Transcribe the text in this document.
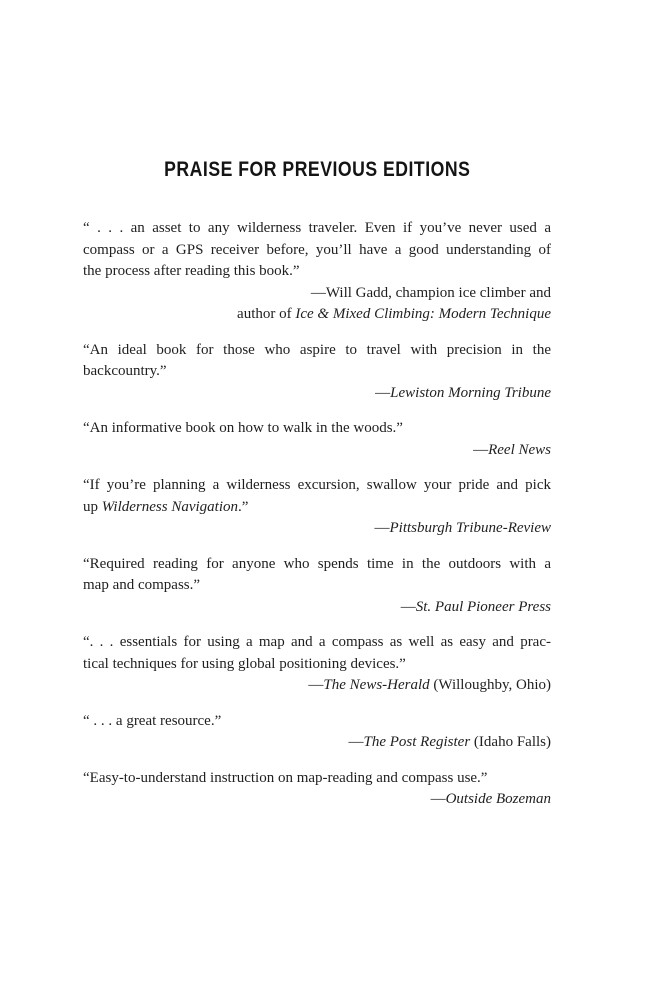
PRAISE FOR PREVIOUS EDITIONS
“ . . . an asset to any wilderness traveler. Even if you’ve never used a
compass or a GPS receiver before, you’ll have a good understanding of
the process after reading this book.”
—Will Gadd, champion ice climber and
author of Ice & Mixed Climbing: Modern Technique
“An ideal book for those who aspire to travel with precision in the
backcountry.”
—Lewiston Morning Tribune
“An informative book on how to walk in the woods.”
—Reel News
“If you’re planning a wilderness excursion, swallow your pride and pick
up Wilderness Navigation.”
—Pittsburgh Tribune-Review
“Required reading for anyone who spends time in the outdoors with a
map and compass.”
—St. Paul Pioneer Press
“. . . essentials for using a map and a compass as well as easy and prac-
tical techniques for using global positioning devices.”
—The News-Herald (Willoughby, Ohio)
“ . . . a great resource.”
—The Post Register (Idaho Falls)
“Easy-to-understand instruction on map-reading and compass use.”
—Outside Bozeman
